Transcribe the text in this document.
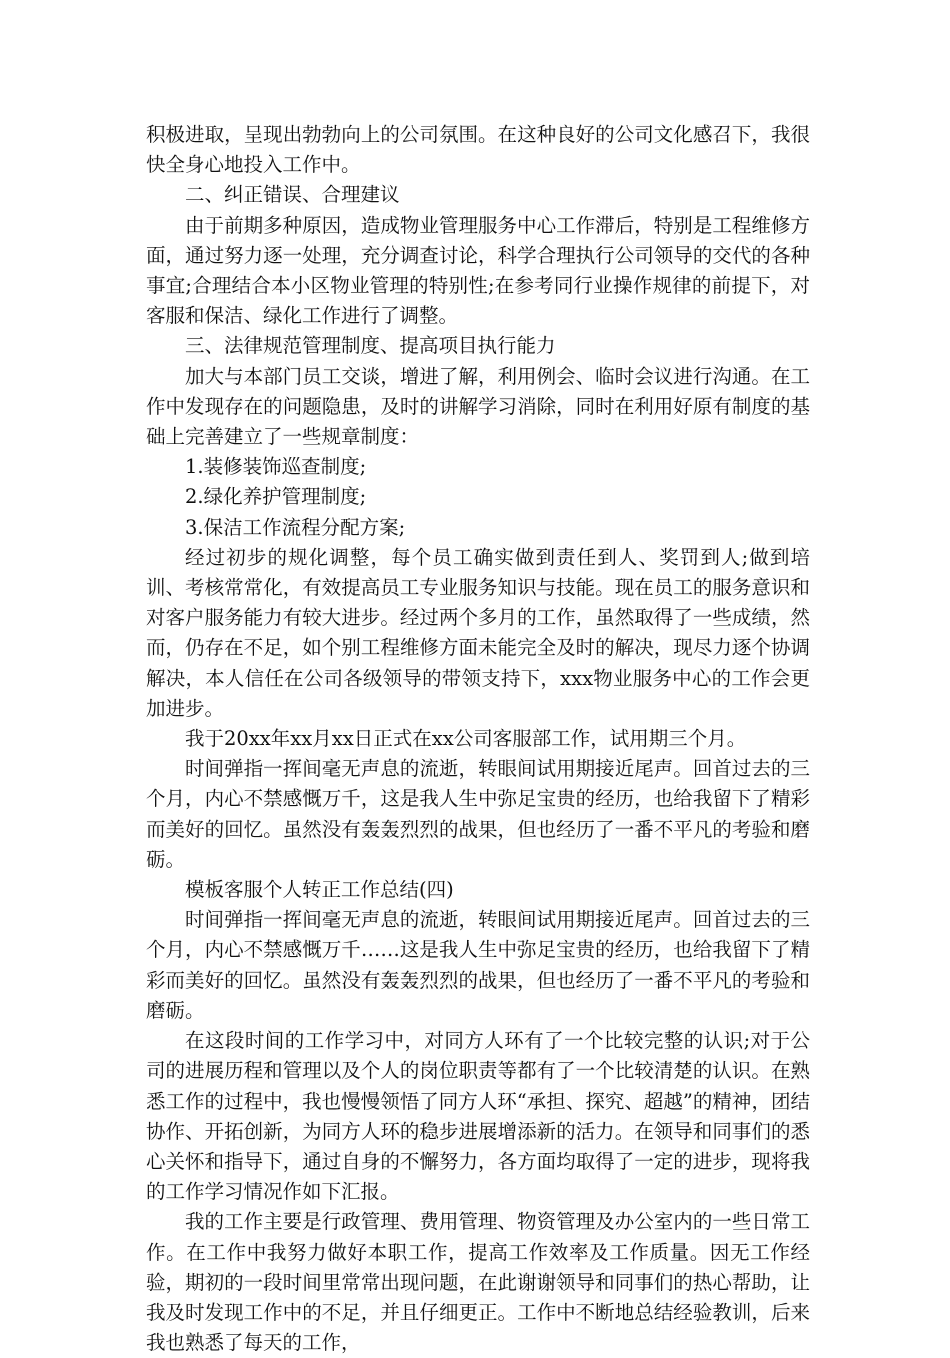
积极进取，呈现出勃勃向上的公司氛围。在这种良好的公司文化感召下，我很快全身心地投入工作中。

二、纠正错误、合理建议

由于前期多种原因，造成物业管理服务中心工作滞后，特别是工程维修方面，通过努力逐一处理，充分调查讨论，科学合理执行公司领导的交代的各种事宜;合理结合本小区物业管理的特别性;在参考同行业操作规律的前提下，对客服和保洁、绿化工作进行了调整。

三、法律规范管理制度、提高项目执行能力

加大与本部门员工交谈，增进了解，利用例会、临时会议进行沟通。在工作中发现存在的问题隐患，及时的讲解学习消除，同时在利用好原有制度的基础上完善建立了一些规章制度：

1.装修装饰巡查制度;

2.绿化养护管理制度;

3.保洁工作流程分配方案;

经过初步的规化调整，每个员工确实做到责任到人、奖罚到人;做到培训、考核常常化，有效提高员工专业服务知识与技能。现在员工的服务意识和对客户服务能力有较大进步。经过两个多月的工作，虽然取得了一些成绩，然而，仍存在不足，如个别工程维修方面未能完全及时的解决，现尽力逐个协调解决，本人信任在公司各级领导的带领支持下，xxx物业服务中心的工作会更加进步。

我于20xx年xx月xx日正式在xx公司客服部工作，试用期三个月。

时间弹指一挥间毫无声息的流逝，转眼间试用期接近尾声。回首过去的三个月，内心不禁感慨万千，这是我人生中弥足宝贵的经历，也给我留下了精彩而美好的回忆。虽然没有轰轰烈烈的战果，但也经历了一番不平凡的考验和磨砺。

模板客服个人转正工作总结(四)

时间弹指一挥间毫无声息的流逝，转眼间试用期接近尾声。回首过去的三个月，内心不禁感慨万千……这是我人生中弥足宝贵的经历，也给我留下了精彩而美好的回忆。虽然没有轰轰烈烈的战果，但也经历了一番不平凡的考验和磨砺。

在这段时间的工作学习中，对同方人环有了一个比较完整的认识;对于公司的进展历程和管理以及个人的岗位职责等都有了一个比较清楚的认识。在熟悉工作的过程中，我也慢慢领悟了同方人环“承担、探究、超越”的精神，团结协作、开拓创新，为同方人环的稳步进展增添新的活力。在领导和同事们的悉心关怀和指导下，通过自身的不懈努力，各方面均取得了一定的进步，现将我的工作学习情况作如下汇报。

我的工作主要是行政管理、费用管理、物资管理及办公室内的一些日常工作。在工作中我努力做好本职工作，提高工作效率及工作质量。因无工作经验，期初的一段时间里常常出现问题，在此谢谢领导和同事们的热心帮助，让我及时发现工作中的不足，并且仔细更正。工作中不断地总结经验教训，后来我也熟悉了每天的工作，
